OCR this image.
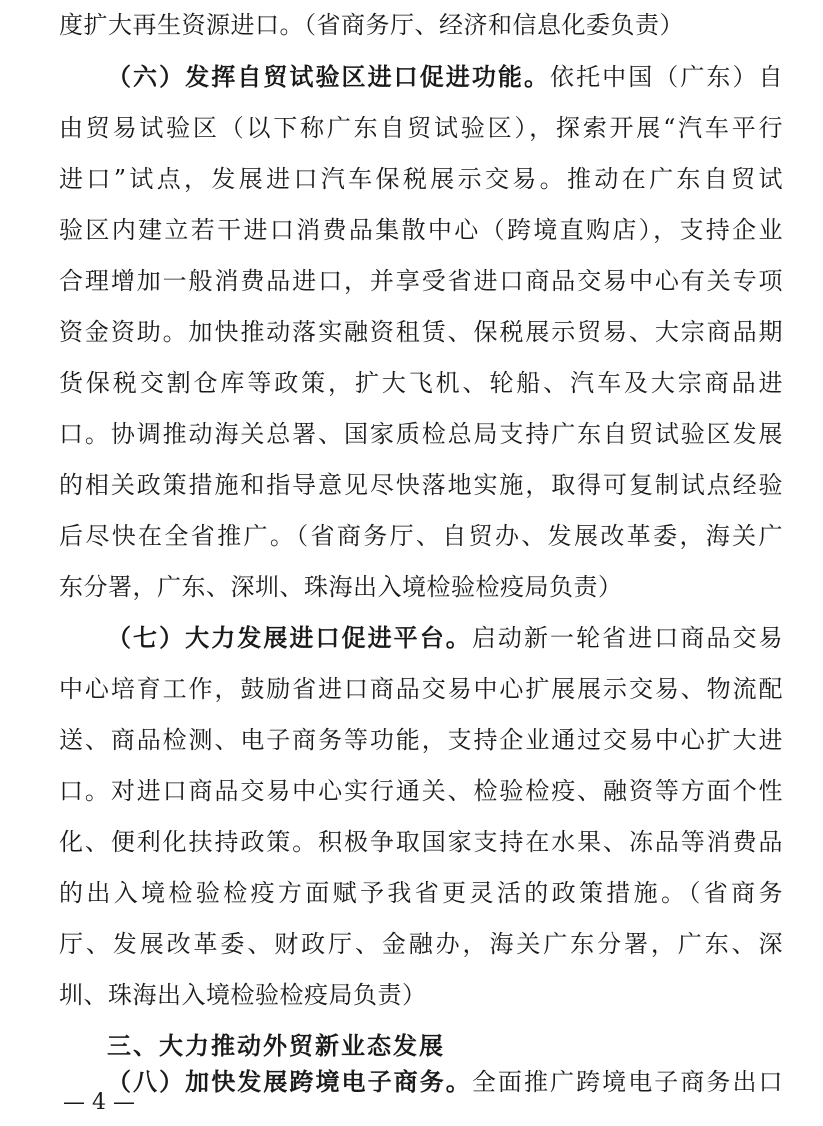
度扩大再生资源进口。（省商务厅、经济和信息化委负责）
（六）发挥自贸试验区进口促进功能。依托中国（广东）自
由贸易试验区（以下称广东自贸试验区），探索开展“汽车平行
进口”试点，发展进口汽车保税展示交易。推动在广东自贸试
验区内建立若干进口消费品集散中心（跨境直购店），支持企业
合理增加一般消费品进口，并享受省进口商品交易中心有关专项
资金资助。加快推动落实融资租赁、保税展示贸易、大宗商品期
货保税交割仓库等政策，扩大飞机、轮船、汽车及大宗商品进
口。协调推动海关总署、国家质检总局支持广东自贸试验区发展
的相关政策措施和指导意见尽快落地实施，取得可复制试点经验
后尽快在全省推广。（省商务厅、自贸办、发展改革委，海关广
东分署，广东、深圳、珠海出入境检验检疫局负责）
（七）大力发展进口促进平台。启动新一轮省进口商品交易
中心培育工作，鼓励省进口商品交易中心扩展展示交易、物流配
送、商品检测、电子商务等功能，支持企业通过交易中心扩大进
口。对进口商品交易中心实行通关、检验检疫、融资等方面个性
化、便利化扶持政策。积极争取国家支持在水果、冻品等消费品
的出入境检验检疫方面赋予我省更灵活的政策措施。（省商务
厅、发展改革委、财政厅、金融办，海关广东分署，广东、深
圳、珠海出入境检验检疫局负责）
三、大力推动外贸新业态发展
（八）加快发展跨境电子商务。全面推广跨境电子商务出口
— 4 —
